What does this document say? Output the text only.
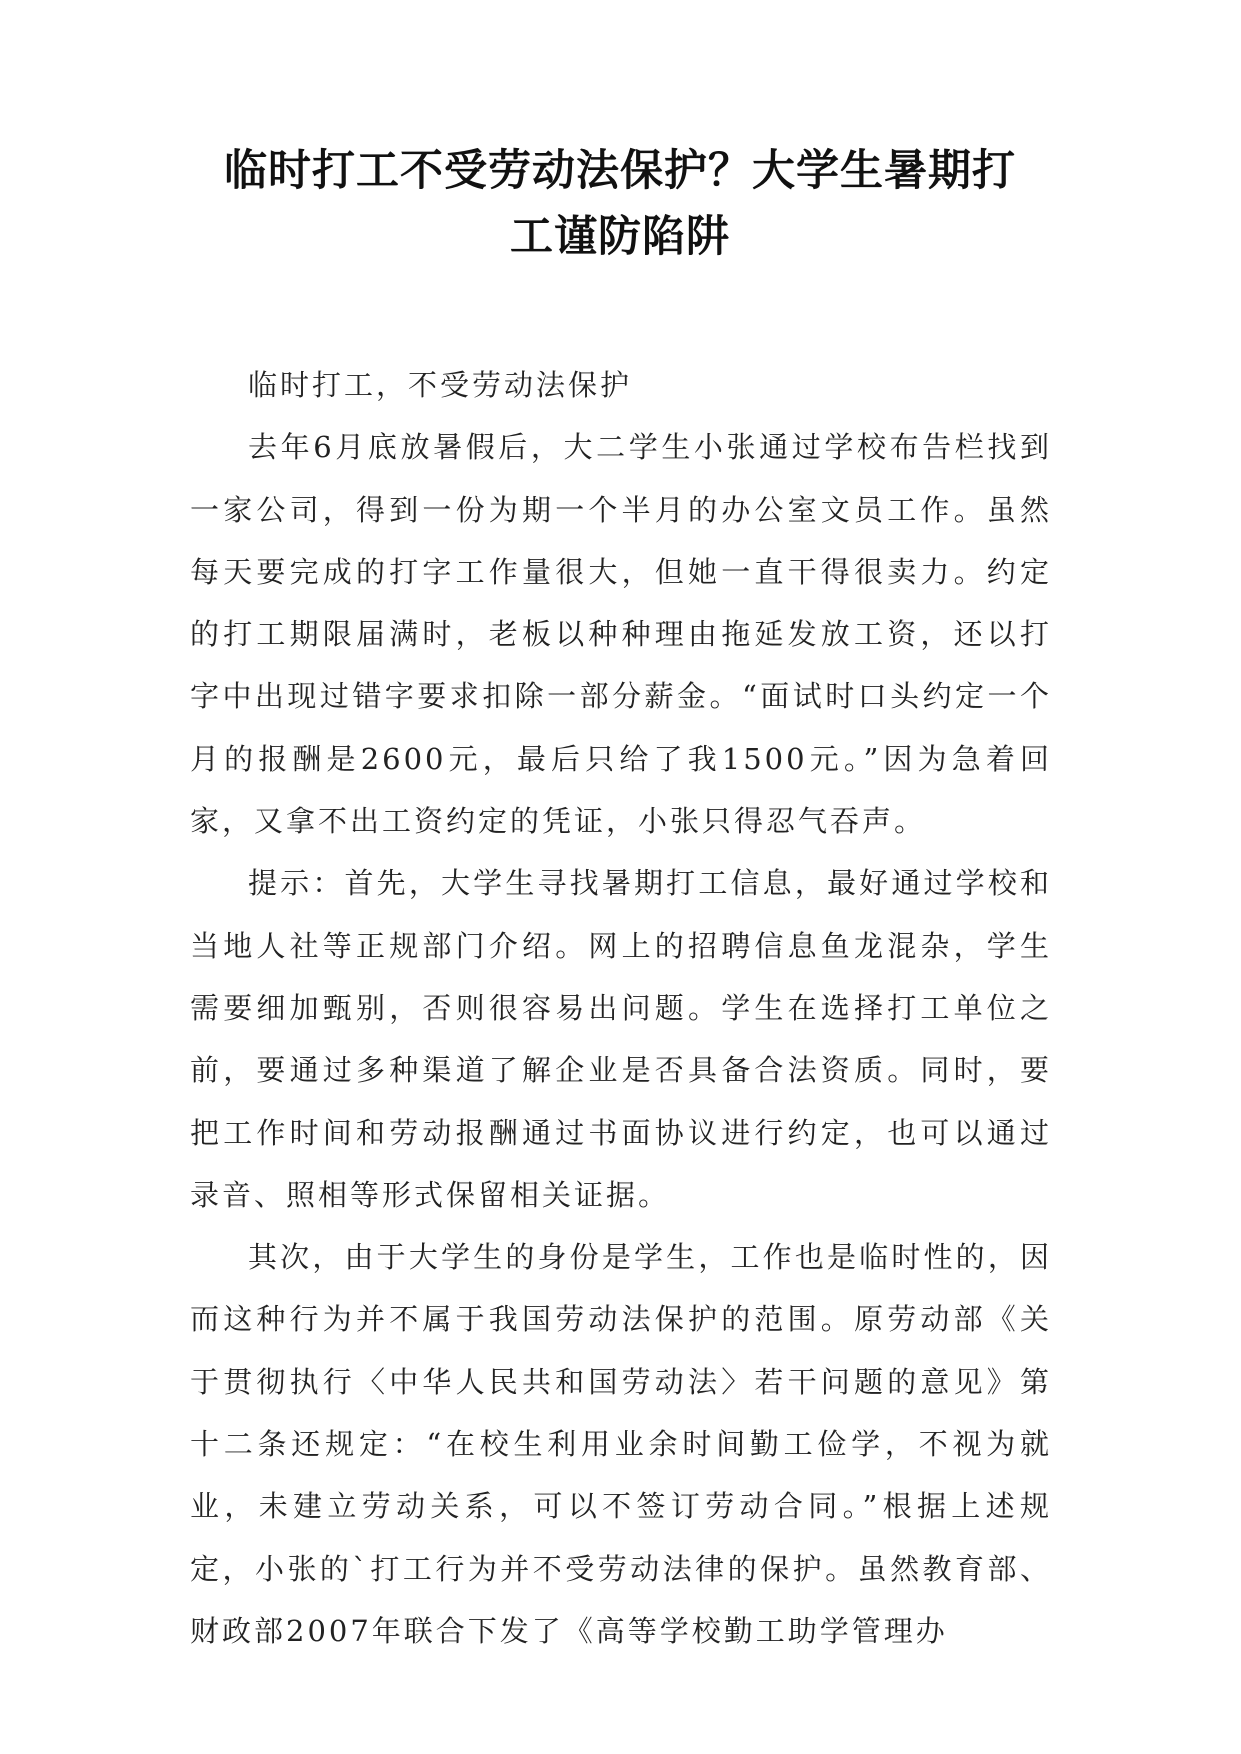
临时打工不受劳动法保护？大学生暑期打
工谨防陷阱

临时打工，不受劳动法保护

去年6月底放暑假后，大二学生小张通过学校布告栏找到一家公司，得到一份为期一个半月的办公室文员工作。虽然每天要完成的打字工作量很大，但她一直干得很卖力。约定的打工期限届满时，老板以种种理由拖延发放工资，还以打字中出现过错字要求扣除一部分薪金。“面试时口头约定一个月的报酬是2600元，最后只给了我1500元。”因为急着回家，又拿不出工资约定的凭证，小张只得忍气吞声。

提示：首先，大学生寻找暑期打工信息，最好通过学校和当地人社等正规部门介绍。网上的招聘信息鱼龙混杂，学生需要细加甄别，否则很容易出问题。学生在选择打工单位之前，要通过多种渠道了解企业是否具备合法资质。同时，要把工作时间和劳动报酬通过书面协议进行约定，也可以通过录音、照相等形式保留相关证据。

其次，由于大学生的身份是学生，工作也是临时性的，因而这种行为并不属于我国劳动法保护的范围。原劳动部《关于贯彻执行〈中华人民共和国劳动法〉若干问题的意见》第十二条还规定：“在校生利用业余时间勤工俭学，不视为就业，未建立劳动关系，可以不签订劳动合同。”根据上述规定，小张的`打工行为并不受劳动法律的保护。虽然教育部、财政部2007年联合下发了《高等学校勤工助学管理办
